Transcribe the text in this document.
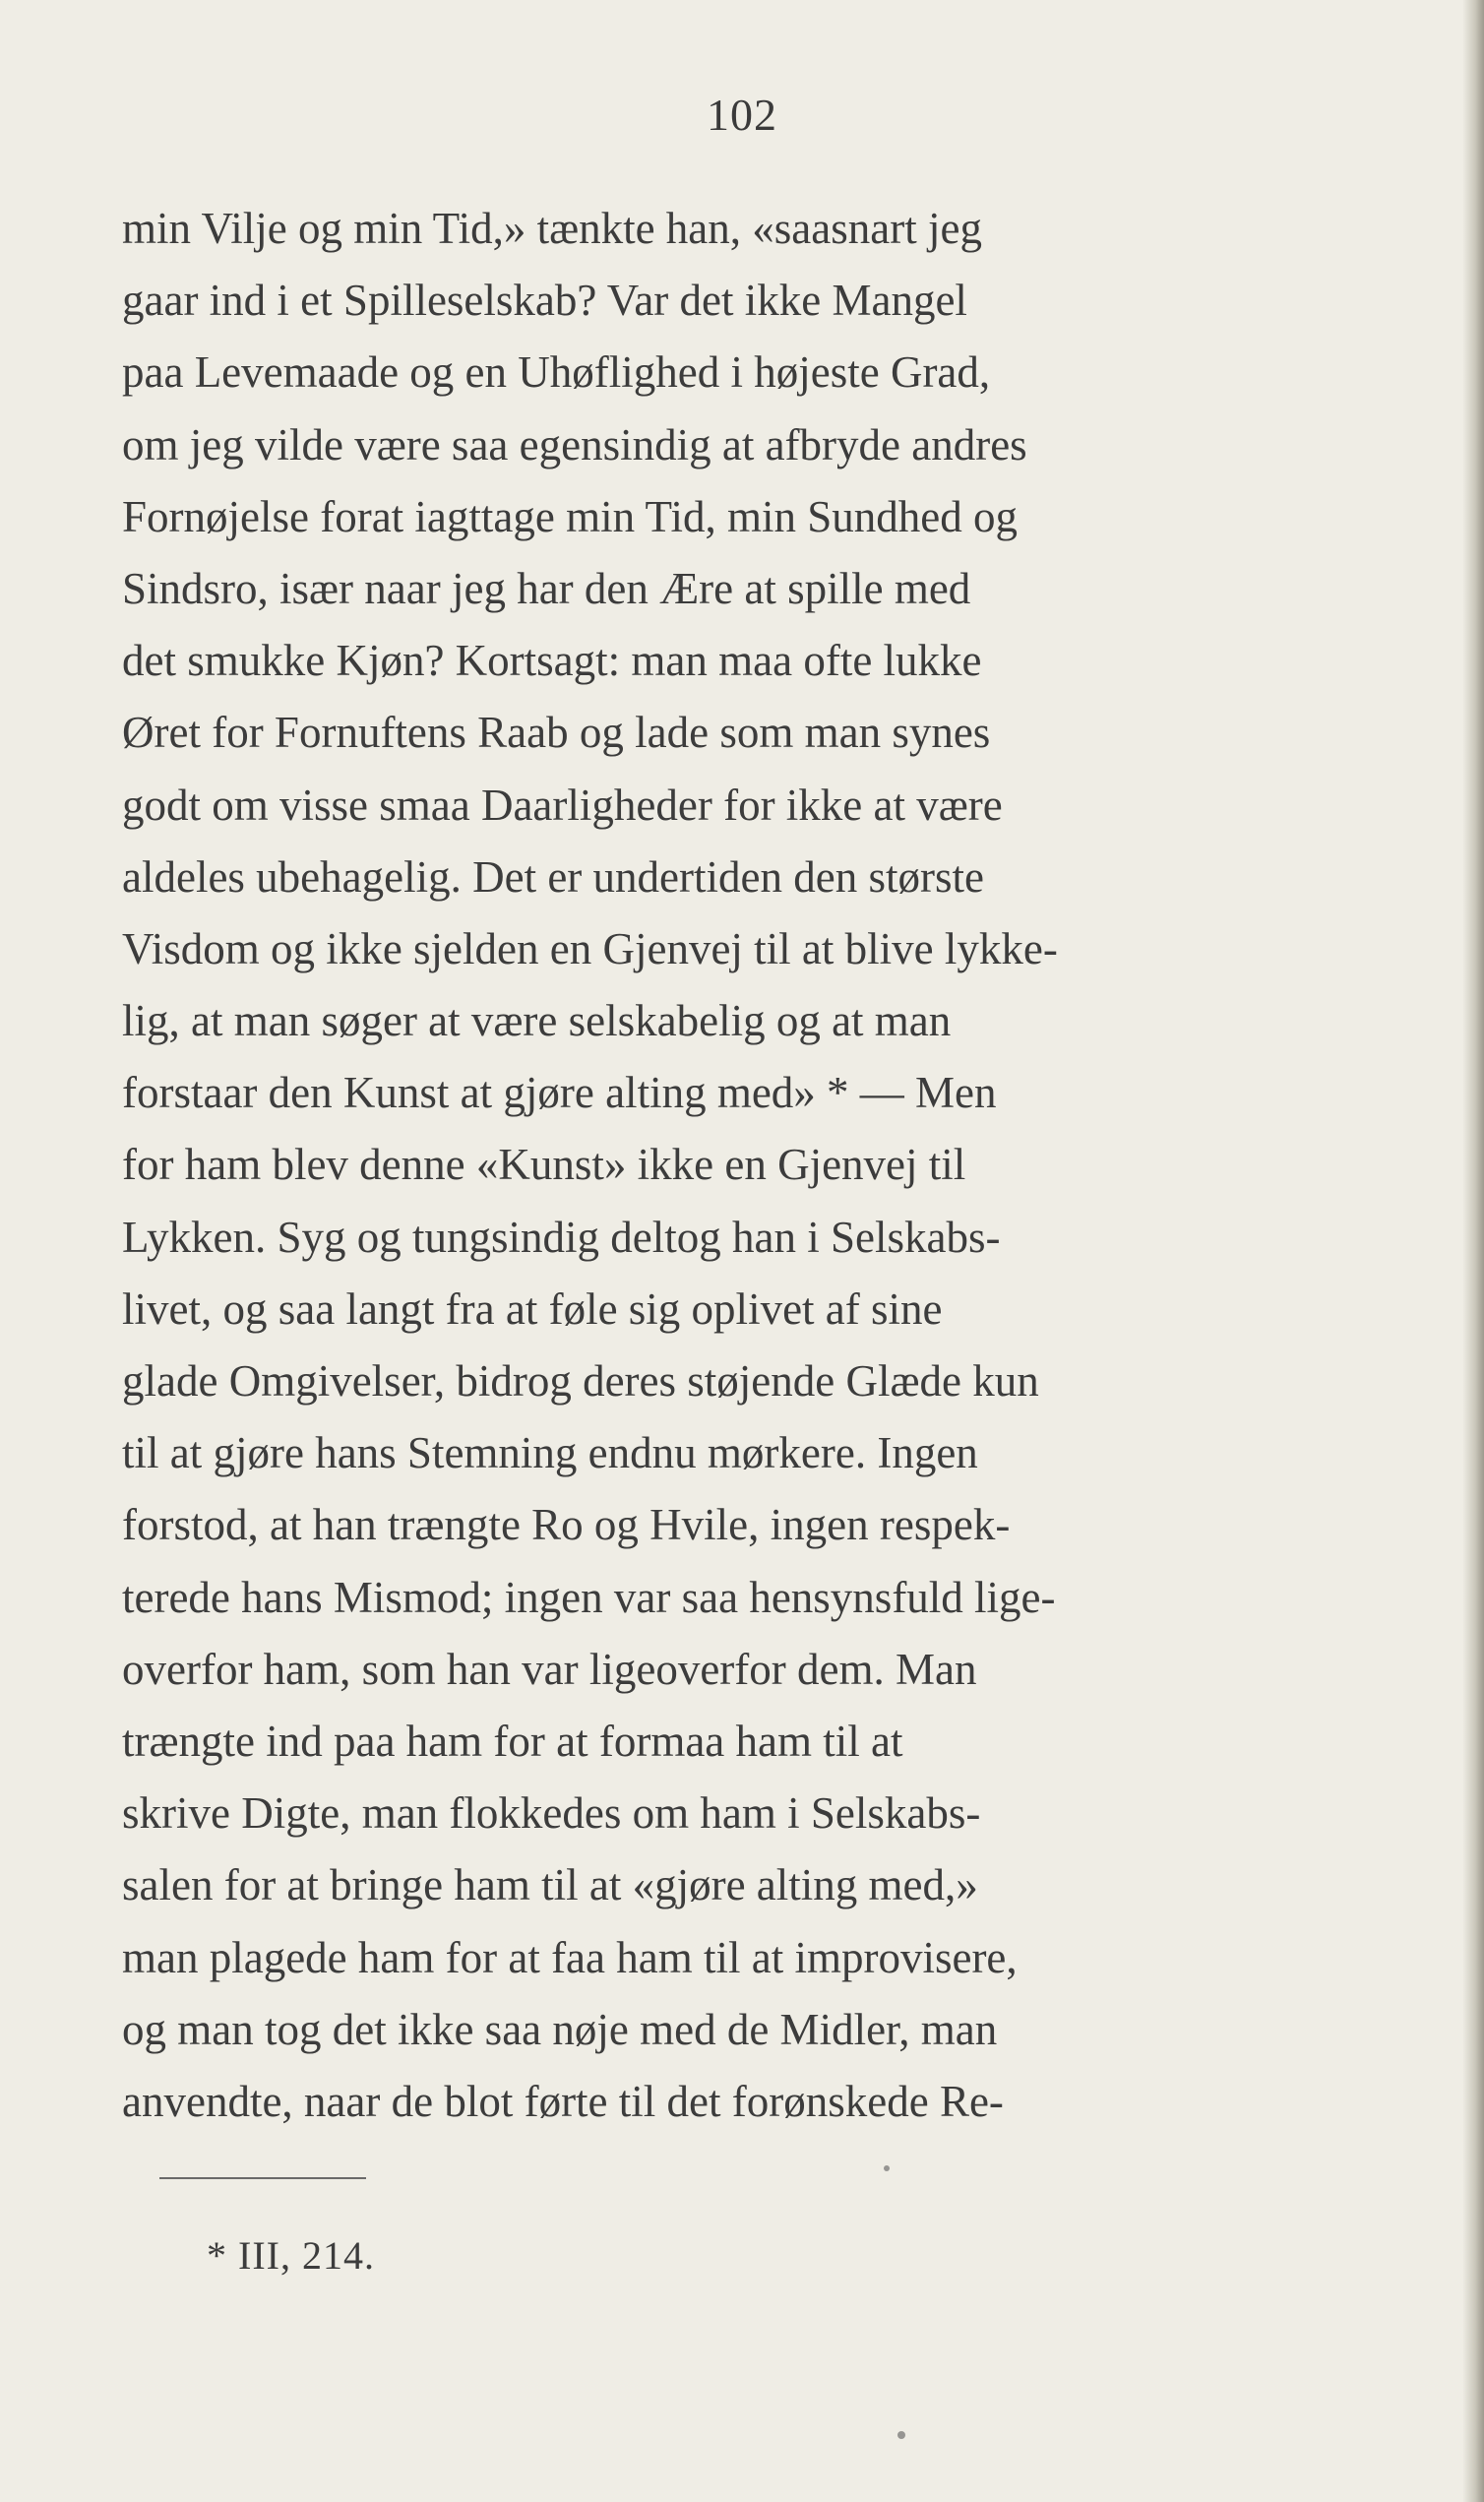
102
min Vilje og min Tid,» tænkte han, «saasnart jeg
gaar ind i et Spilleselskab? Var det ikke Mangel
paa Levemaade og en Uhøflighed i højeste Grad,
om jeg vilde være saa egensindig at afbryde andres
Fornøjelse forat iagttage min Tid, min Sundhed og
Sindsro, især naar jeg har den Ære at spille med
det smukke Kjøn? Kortsagt: man maa ofte lukke
Øret for Fornuftens Raab og lade som man synes
godt om visse smaa Daarligheder for ikke at være
aldeles ubehagelig. Det er undertiden den største
Visdom og ikke sjelden en Gjenvej til at blive lykke-
lig, at man søger at være selskabelig og at man
forstaar den Kunst at gjøre alting med» * — Men
for ham blev denne «Kunst» ikke en Gjenvej til
Lykken. Syg og tungsindig deltog han i Selskabs-
livet, og saa langt fra at føle sig oplivet af sine
glade Omgivelser, bidrog deres støjende Glæde kun
til at gjøre hans Stemning endnu mørkere. Ingen
forstod, at han trængte Ro og Hvile, ingen respek-
terede hans Mismod; ingen var saa hensynsfuld lige-
overfor ham, som han var ligeoverfor dem. Man
trængte ind paa ham for at formaa ham til at
skrive Digte, man flokkedes om ham i Selskabs-
salen for at bringe ham til at «gjøre alting med,»
man plagede ham for at faa ham til at improvisere,
og man tog det ikke saa nøje med de Midler, man
anvendte, naar de blot førte til det forønskede Re-
* III, 214.
